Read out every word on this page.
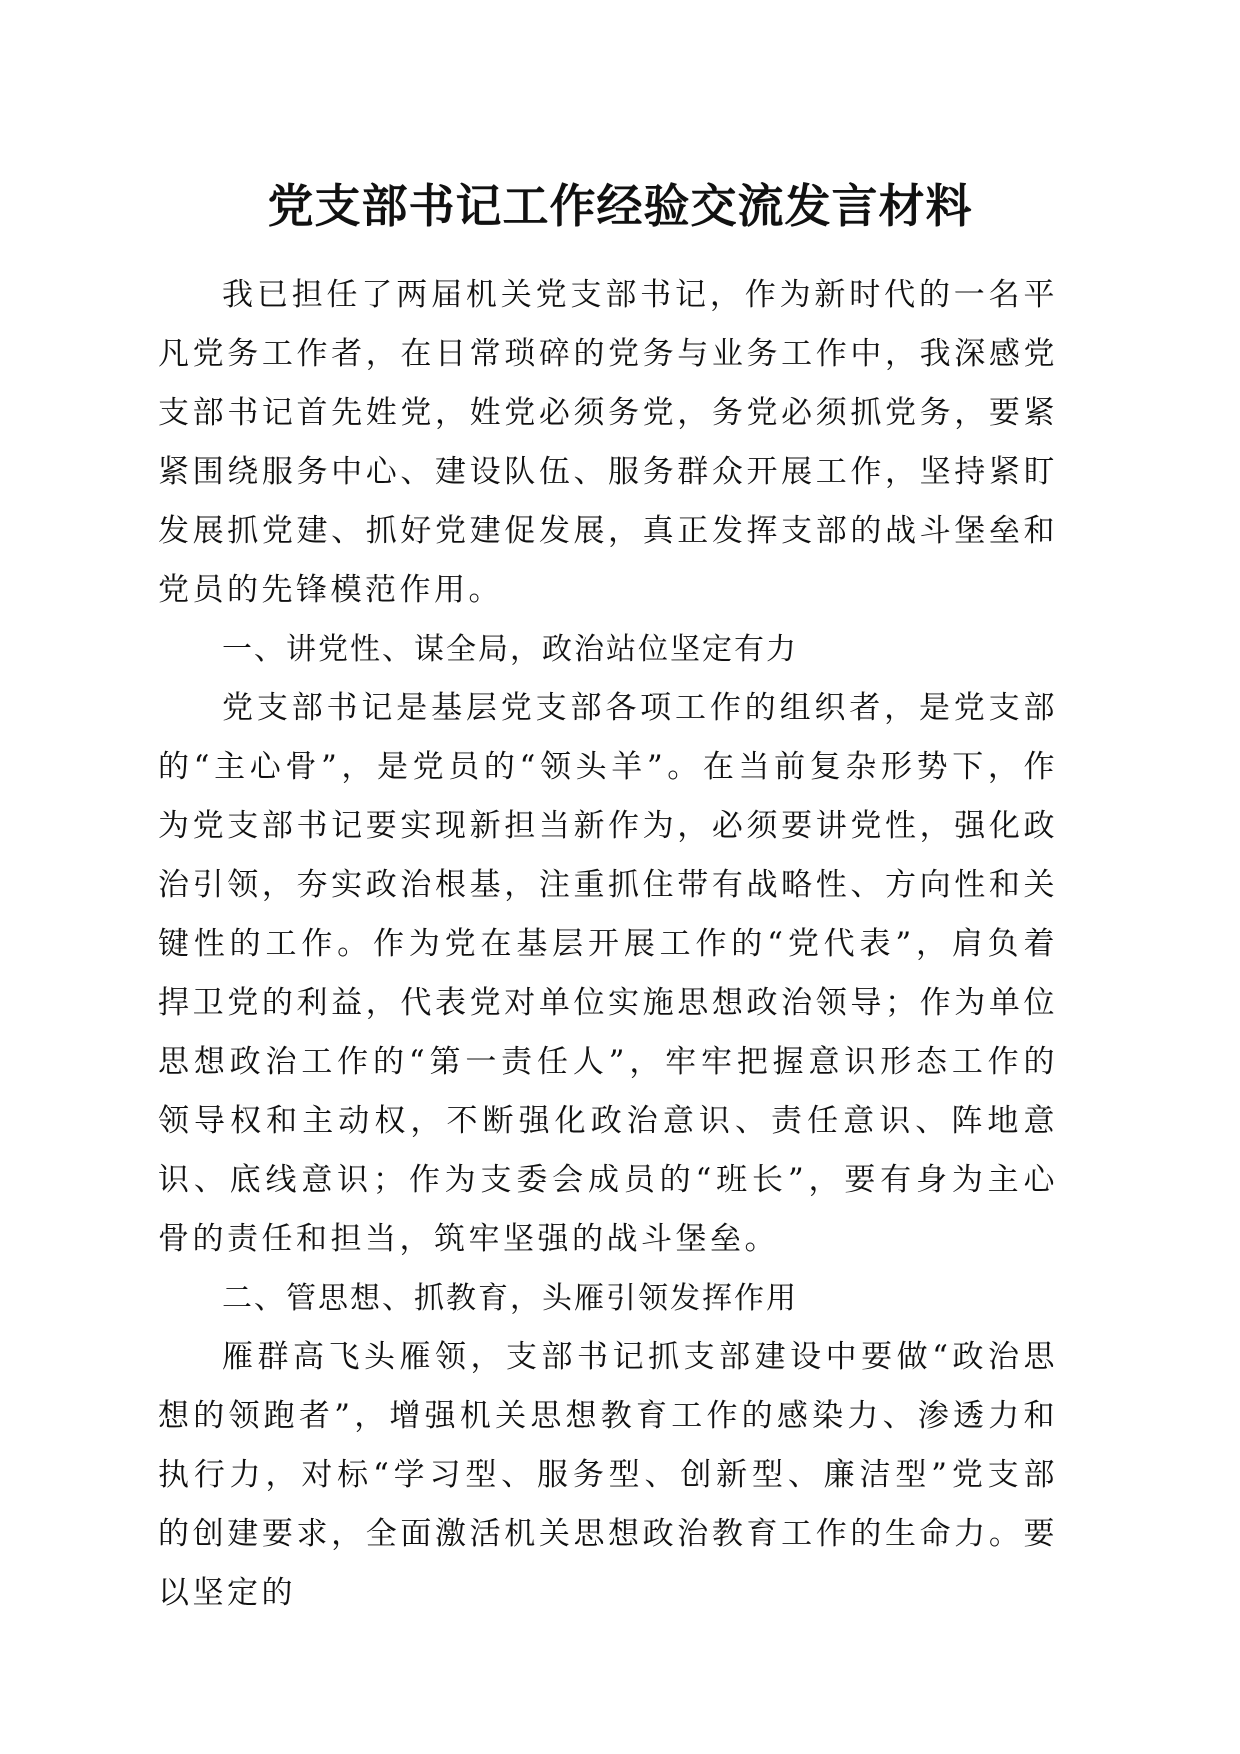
党支部书记工作经验交流发言材料

我已担任了两届机关党支部书记，作为新时代的一名平凡党务工作者，在日常琐碎的党务与业务工作中，我深感党支部书记首先姓党，姓党必须务党，务党必须抓党务，要紧紧围绕服务中心、建设队伍、服务群众开展工作，坚持紧盯发展抓党建、抓好党建促发展，真正发挥支部的战斗堡垒和党员的先锋模范作用。

一、讲党性、谋全局，政治站位坚定有力

党支部书记是基层党支部各项工作的组织者，是党支部的“主心骨”，是党员的“领头羊”。在当前复杂形势下，作为党支部书记要实现新担当新作为，必须要讲党性，强化政治引领，夯实政治根基，注重抓住带有战略性、方向性和关键性的工作。作为党在基层开展工作的“党代表”，肩负着捍卫党的利益，代表党对单位实施思想政治领导；作为单位思想政治工作的“第一责任人”，牢牢把握意识形态工作的领导权和主动权，不断强化政治意识、责任意识、阵地意识、底线意识；作为支委会成员的“班长”，要有身为主心骨的责任和担当，筑牢坚强的战斗堡垒。

二、管思想、抓教育，头雁引领发挥作用

雁群高飞头雁领，支部书记抓支部建设中要做“政治思想的领跑者”，增强机关思想教育工作的感染力、渗透力和执行力，对标“学习型、服务型、创新型、廉洁型”党支部的创建要求，全面激活机关思想政治教育工作的生命力。要以坚定的
